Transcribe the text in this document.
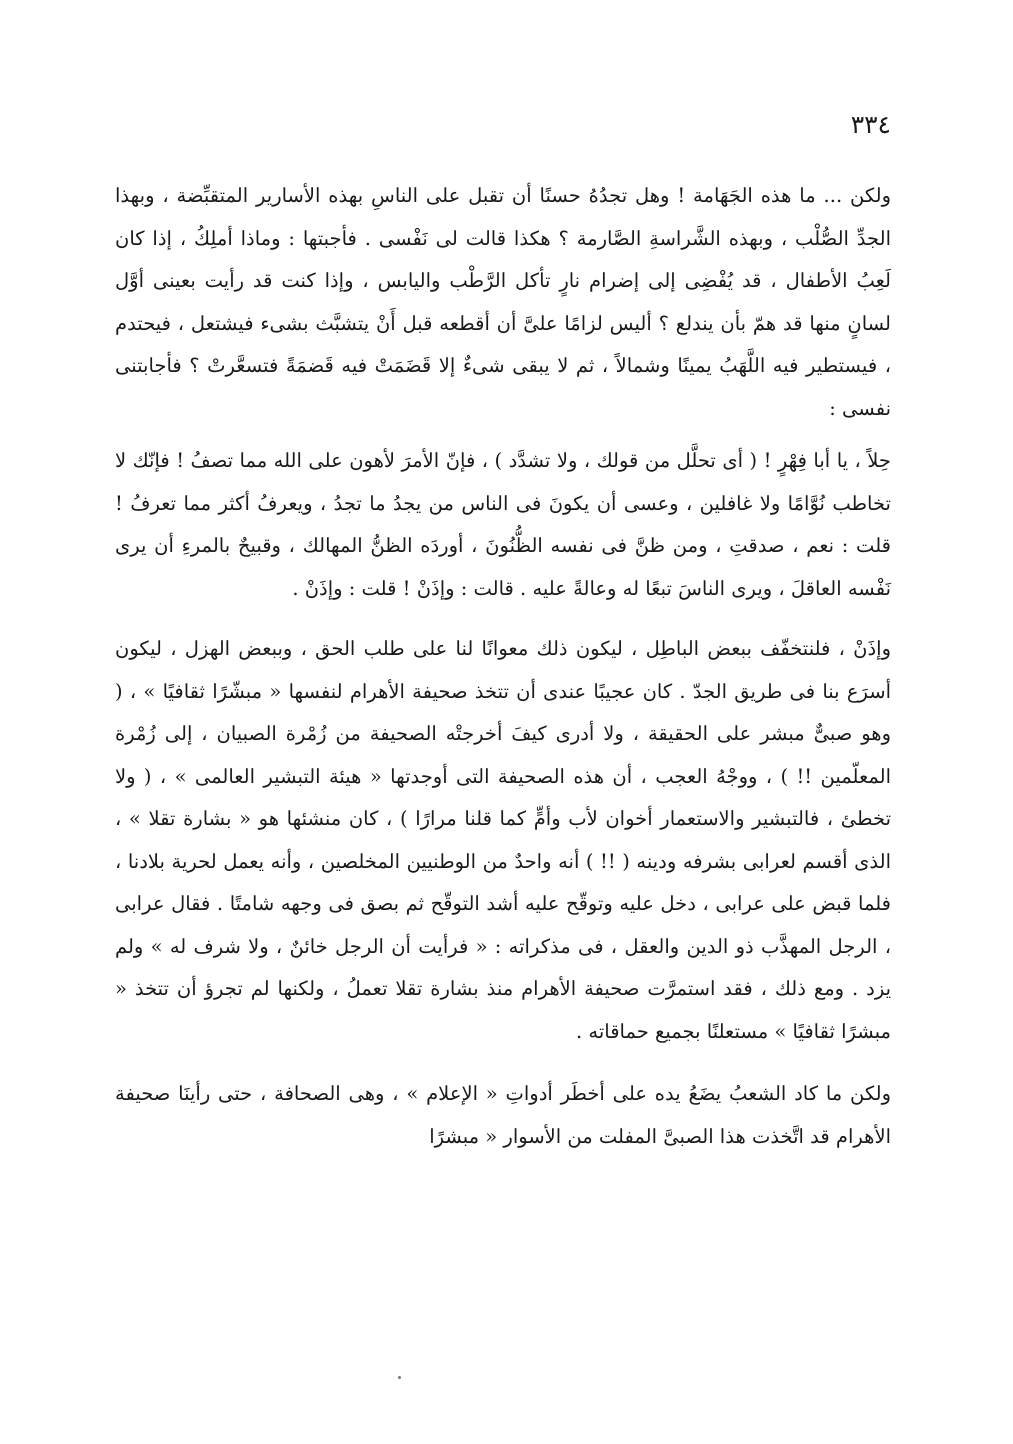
٣٣٤

ولكن ... ما هذه الجَهَامة ! وهل تجدُهُ حسنًا أن تقبل على الناسِ بهذه الأسارير المتقبِّضة ، وبهذا الجدِّ الصُّلْب ، وبهذه الشَّراسةِ الصَّارمة ؟ هكذا قالت لى نَفْسى . فأجبتها : وماذا أملِكُ ، إذا كان لَعِبُ الأطفال ، قد يُفْضِى إلى إضرام نارٍ تأكل الرَّطْب واليابس ، وإذا كنت قد رأيت بعينى أوَّل لسانٍ منها قد همّ بأن يندلع ؟ أليس لزامًا علىَّ أن أقطعه قبل أَنْ يتشبَّث بشىء فيشتعل ، فيحتدم ، فيستطير فيه اللَّهَبُ يمينًا وشمالاً ، ثم لا يبقى شىءٌ إلا قَضَمَتْ فيه قَضمَةً فتسعَّرتْ ؟ فأجابتنى نفسى :

حِلاً ، يا أبا فِهْرٍ ! ( أى تحلَّل من قولك ، ولا تشدَّد ) ، فإنّ الأمرَ لأهون على الله مما تصفُ ! فإنّك لا تخاطب نُوَّامًا ولا غافلين ، وعسى أن يكونَ فى الناس من يجدُ ما تجدُ ، ويعرفُ أكثر مما تعرفُ ! قلت : نعم ، صدقتِ ، ومن ظنَّ فى نفسه الظُّنُونَ ، أوردَه الظنُّ المهالك ، وقبيحٌ بالمرءِ أن يرى نَفْسه العاقلَ ، ويرى الناسَ تبعًا له وعالةً عليه . قالت : وإذَنْ ! قلت : وإذَنْ .

وإذَنْ ، فلنتخفّف ببعض الباطِل ، ليكون ذلك معوانًا لنا على طلب الحق ، وببعض الهزل ، ليكون أسرَع بنا فى طريق الجدّ . كان عجيبًا عندى أن تتخذ صحيفة الأهرام لنفسها « مبشّرًا ثقافيًا » ، ( وهو صبىٌّ مبشر على الحقيقة ، ولا أدرى كيفَ أخرجتْه الصحيفة من زُمْرة الصبيان ، إلى زُمْرة المعلّمين !! ) ، ووجْهُ العجب ، أن هذه الصحيفة التى أوجدتها « هيئة التبشير العالمى » ، ( ولا تخطئ ، فالتبشير والاستعمار أخوان لأب وأمٍّ كما قلنا مرارًا ) ، كان منشئها هو « بشارة تقلا » ، الذى أقسم لعرابى بشرفه ودينه ( !! ) أنه واحدٌ من الوطنيين المخلصين ، وأنه يعمل لحرية بلادنا ، فلما قبض على عرابى ، دخل عليه وتوقّح عليه أشد التوقّح ثم بصق فى وجهه شامتًا . فقال عرابى ، الرجل المهذَّب ذو الدين والعقل ، فى مذكراته : « فرأيت أن الرجل خائنٌ ، ولا شرف له » ولم يزد . ومع ذلك ، فقد استمرَّت صحيفة الأهرام منذ بشارة تقلا تعملُ ، ولكنها لم تجرؤ أن تتخذ « مبشرًا ثقافيًا » مستعلنًا بجميع حماقاته .

ولكن ما كاد الشعبُ يضَعُ يده على أخطَر أدواتِ « الإعلام » ، وهى الصحافة ، حتى رأينَا صحيفة الأهرام قد اتَّخذت هذا الصبىَّ المفلت من الأسوار « مبشرًا
